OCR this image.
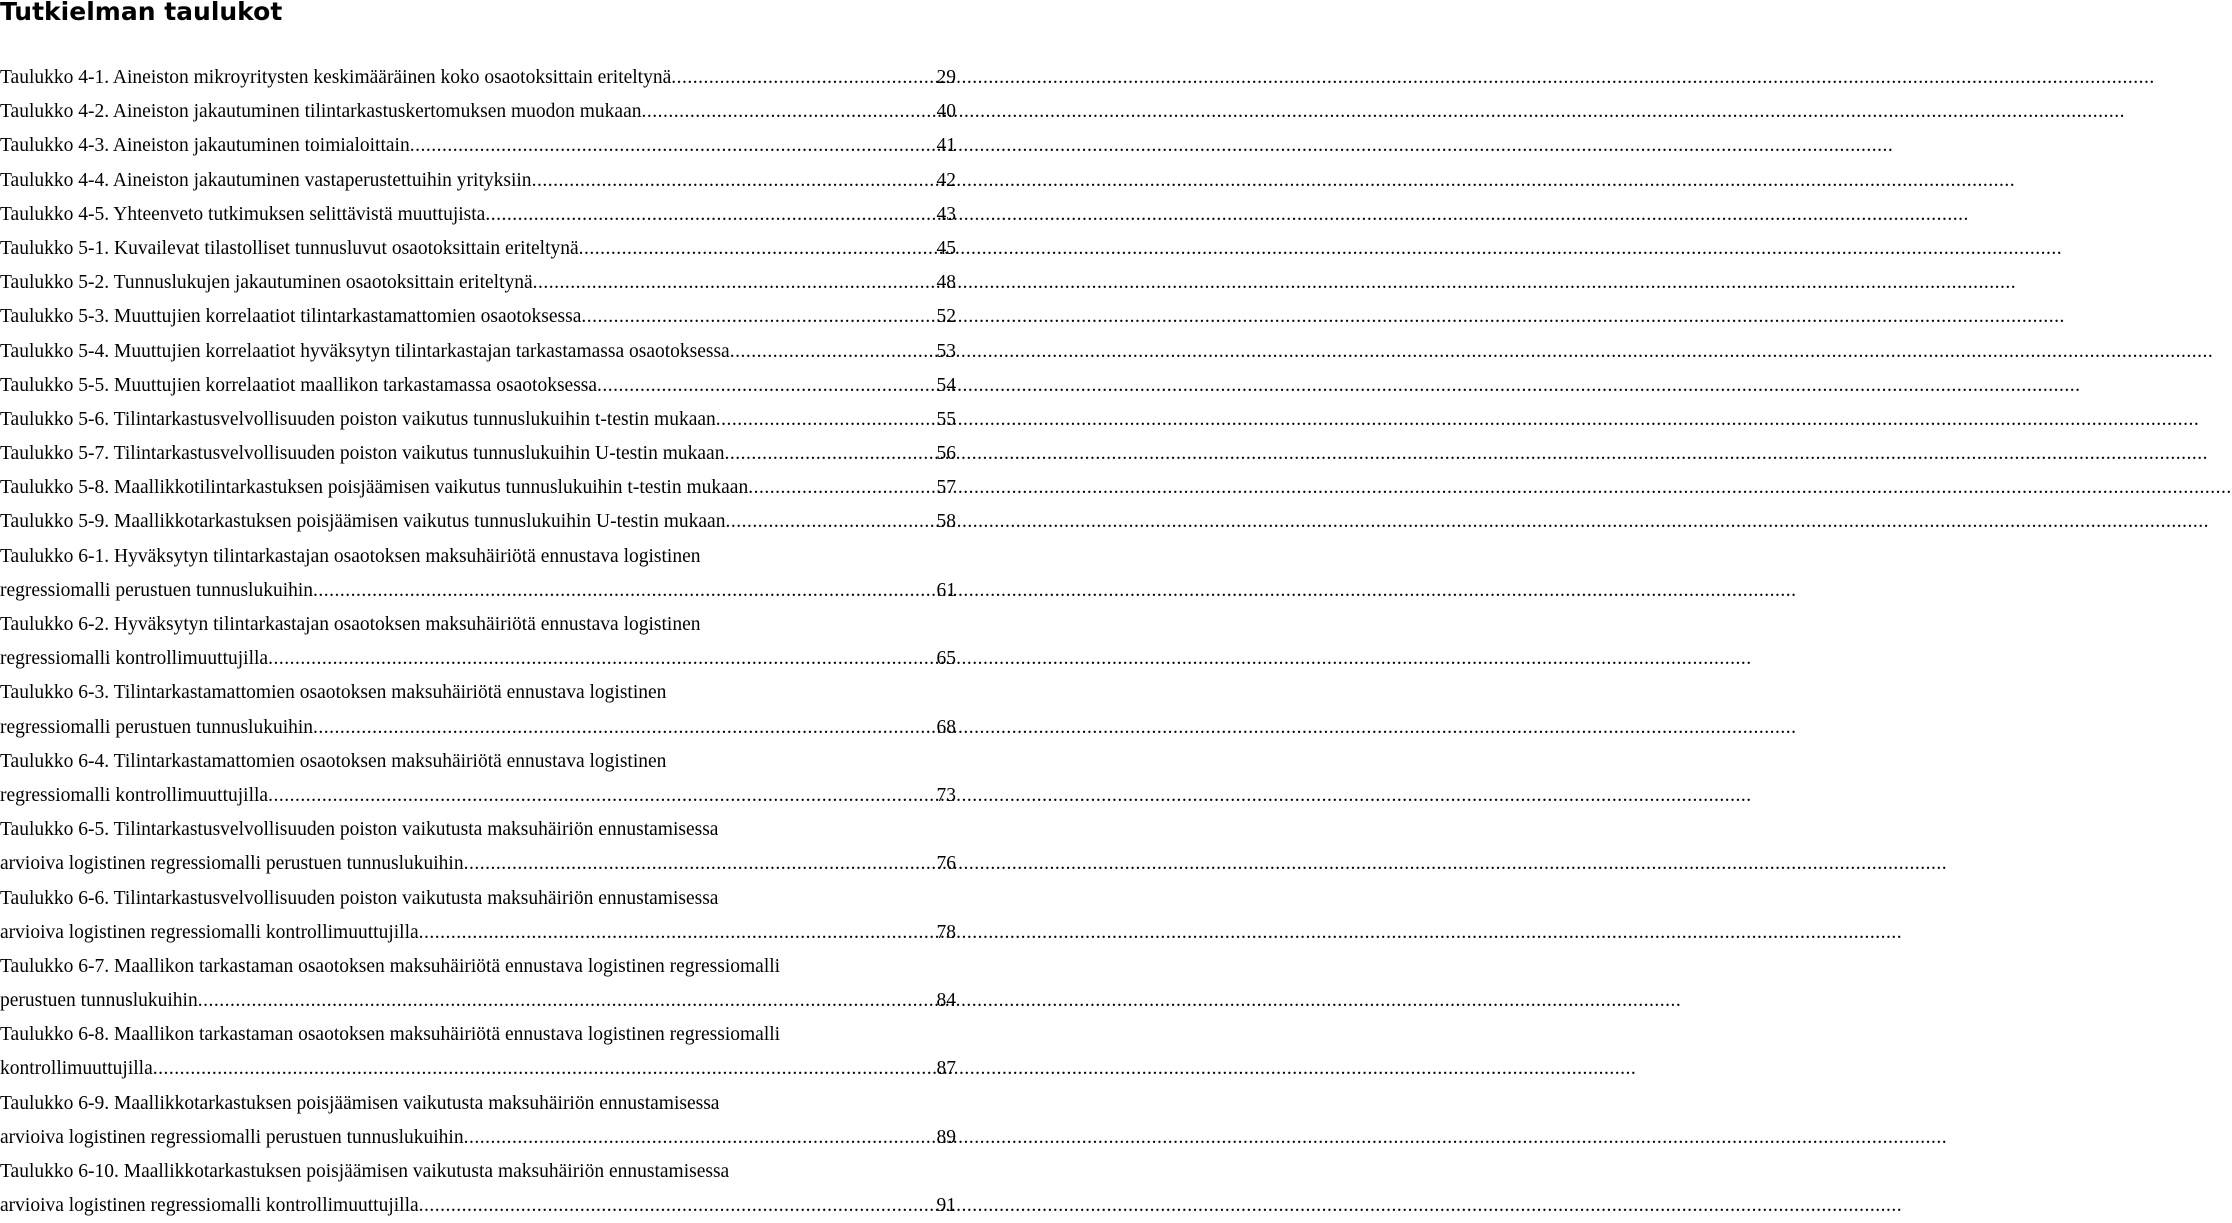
Tutkielman taulukot
Taulukko 4-1. Aineiston mikroyritysten keskimääräinen koko osaotoksittain eriteltynä .....	29
Taulukko 4-2. Aineiston jakautuminen tilintarkastuskertomuksen muodon mukaan .....	40
Taulukko 4-3. Aineiston jakautuminen toimialoittain .....	41
Taulukko 4-4. Aineiston jakautuminen vastaperustettuihin yrityksiin .....	42
Taulukko 4-5. Yhteenveto tutkimuksen selittävistä muuttujista .....	43
Taulukko 5-1. Kuvailevat tilastolliset tunnusluvut osaotoksittain eriteltynä .....	45
Taulukko 5-2. Tunnuslukujen jakautuminen osaotoksittain eriteltynä .....	48
Taulukko 5-3. Muuttujien korrelaatiot tilintarkastamattomien osaotoksessa .....	52
Taulukko 5-4. Muuttujien korrelaatiot hyväksytyn tilintarkastajan tarkastamassa osaotoksessa .....	53
Taulukko 5-5. Muuttujien korrelaatiot maallikon tarkastamassa osaotoksessa .....	54
Taulukko 5-6. Tilintarkastusvelvollisuuden poiston vaikutus tunnuslukuihin t-testin mukaan .....	55
Taulukko 5-7. Tilintarkastusvelvollisuuden poiston vaikutus tunnuslukuihin U-testin mukaan .....	56
Taulukko 5-8. Maallikkotilintarkastuksen poisjäämisen vaikutus tunnuslukuihin t-testin mukaan .....	57
Taulukko 5-9. Maallikkotarkastuksen poisjäämisen vaikutus tunnuslukuihin U-testin mukaan .....	58
Taulukko 6-1. Hyväksytyn tilintarkastajan osaotoksen maksuhäiriötä ennustava logistinen
regressiomalli perustuen tunnuslukuihin .....	61
Taulukko 6-2. Hyväksytyn tilintarkastajan osaotoksen maksuhäiriötä ennustava logistinen
regressiomalli kontrollimuuttujilla .....	65
Taulukko 6-3. Tilintarkastamattomien osaotoksen maksuhäiriötä ennustava logistinen
regressiomalli perustuen tunnuslukuihin .....	68
Taulukko 6-4. Tilintarkastamattomien osaotoksen maksuhäiriötä ennustava logistinen
regressiomalli kontrollimuuttujilla .....	73
Taulukko 6-5. Tilintarkastusvelvollisuuden poiston vaikutusta maksuhäiriön ennustamisessa
arvioiva logistinen regressiomalli perustuen tunnuslukuihin .....	76
Taulukko 6-6. Tilintarkastusvelvollisuuden poiston vaikutusta maksuhäiriön ennustamisessa
arvioiva logistinen regressiomalli kontrollimuuttujilla .....	78
Taulukko 6-7. Maallikon tarkastaman osaotoksen maksuhäiriötä ennustava logistinen regressiomalli
perustuen tunnuslukuihin .....	84
Taulukko 6-8. Maallikon tarkastaman osaotoksen maksuhäiriötä ennustava logistinen regressiomalli
kontrollimuuttujilla .....	87
Taulukko 6-9. Maallikkotarkastuksen poisjäämisen vaikutusta maksuhäiriön ennustamisessa
arvioiva logistinen regressiomalli perustuen tunnuslukuihin .....	89
Taulukko 6-10. Maallikkotarkastuksen poisjäämisen vaikutusta maksuhäiriön ennustamisessa
arvioiva logistinen regressiomalli kontrollimuuttujilla .....	91
